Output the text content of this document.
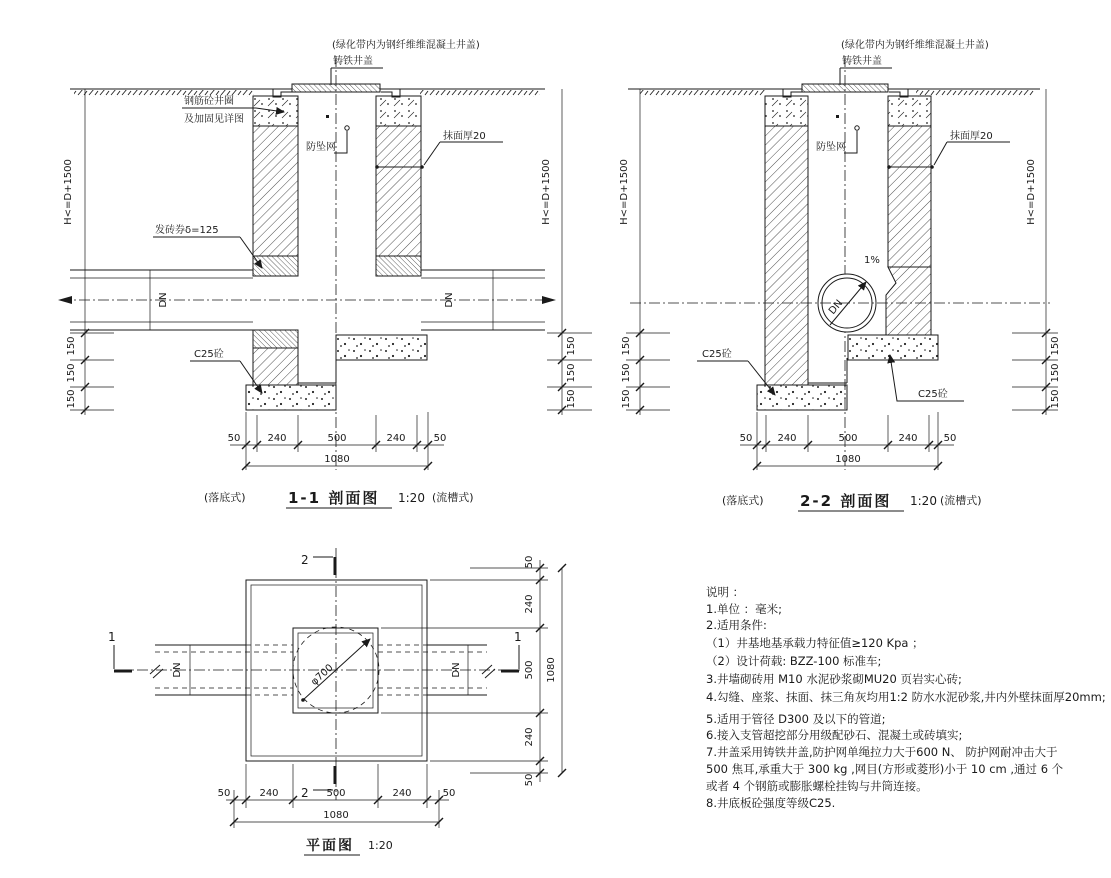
DN	DN
(绿化带内为钢纤维维混凝土井盖)
铸铁井盖
钢筋砼井圈
及加固见详图
防坠网
抹面厚20
C25砼
发砖券δ=125
H<=D+1500
150
150
150
H<=D+1500
150
150
150
50	240	500	240	50
1080
(落底式)	1-1 剖面图 1:20 (流槽式)
1%
DN
(绿化带内为钢纤维维混凝土井盖)
铸铁井盖
防坠网
抹面厚20
C25砼
C25砼
H<=D+1500
150
150
150
H<=D+1500
150
150
150
50	240	500	240	50
1080
(落底式) 2-2 剖面图 1:20 (流槽式)
φ700
DN	DN
1	1
2
2
50
240
500
240
50
1080
50	240	500	240	50
1080
平面图 1:20
说明 ：
1.单位 ：毫米;
2.适用条件:
（1）井基地基承载力特征值≥120 Kpa ；
（2）设计荷载: BZZ-100 标准车;
3.井墙砌砖用 M10 水泥砂浆砌MU20 页岩实心砖;
4.勾缝、座浆、抹面、抹三角灰均用1:2 防水水泥砂浆,井内外壁抹面厚20mm;
5.适用于管径 D300 及以下的管道;
6.接入支管超挖部分用级配砂石、混凝土或砖填实;
7.井盖采用铸铁井盖,防护网单绳拉力大于600 N、 防护网耐冲击大于
500 焦耳,承重大于 300 kg ,网目(方形或菱形)小于 10 cm ,通过 6 个
或者 4 个钢筋或膨胀螺栓挂钩与井筒连接。
8.井底板砼强度等级C25.
